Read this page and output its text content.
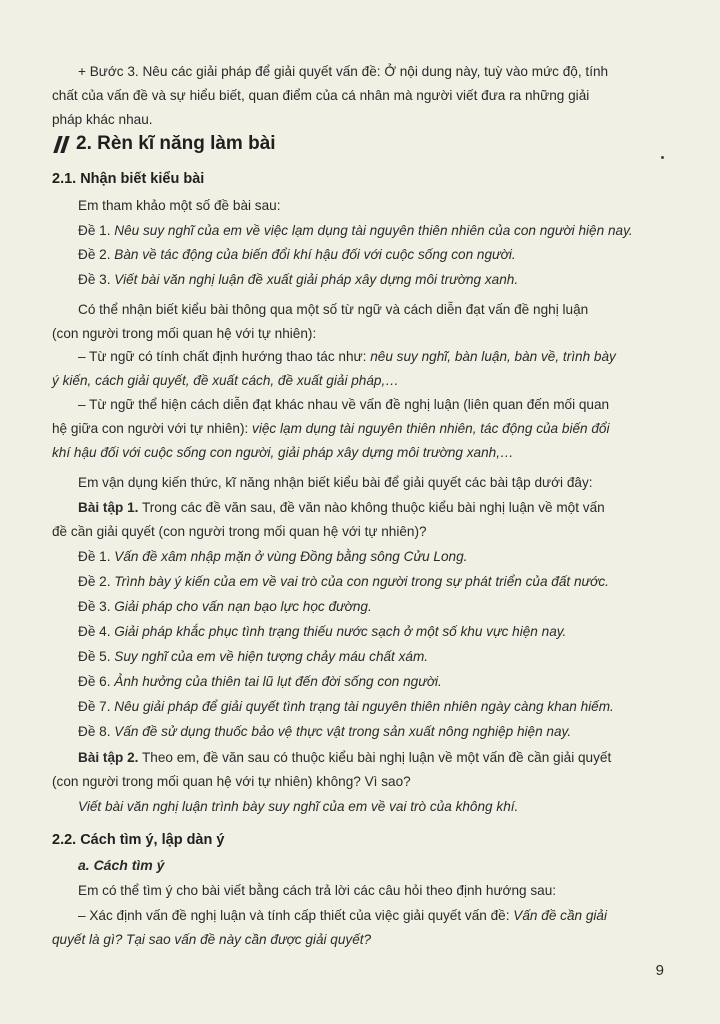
+ Bước 3. Nêu các giải pháp để giải quyết vấn đề: Ở nội dung này, tuỳ vào mức độ, tính

chất của vấn đề và sự hiểu biết, quan điểm của cá nhân mà người viết đưa ra những giải

pháp khác nhau.

2. Rèn kĩ năng làm bài
2.1. Nhận biết kiểu bài

Em tham khảo một số đề bài sau:

Đề 1. Nêu suy nghĩ của em về việc lạm dụng tài nguyên thiên nhiên của con người hiện nay.

Đề 2. Bàn về tác động của biến đổi khí hậu đối với cuộc sống con người.

Đề 3. Viết bài văn nghị luận đề xuất giải pháp xây dựng môi trường xanh.

Có thể nhận biết kiểu bài thông qua một số từ ngữ và cách diễn đạt vấn đề nghị luận

(con người trong mối quan hệ với tự nhiên):

– Từ ngữ có tính chất định hướng thao tác như: nêu suy nghĩ, bàn luận, bàn về, trình bày

ý kiến, cách giải quyết, đề xuất cách, đề xuất giải pháp,…

– Từ ngữ thể hiện cách diễn đạt khác nhau về vấn đề nghị luận (liên quan đến mối quan

hệ giữa con người với tự nhiên): việc lạm dụng tài nguyên thiên nhiên, tác động của biến đổi

khí hậu đối với cuộc sống con người, giải pháp xây dựng môi trường xanh,…

Em vận dụng kiến thức, kĩ năng nhận biết kiểu bài để giải quyết các bài tập dưới đây:

Bài tập 1. Trong các đề văn sau, đề văn nào không thuộc kiểu bài nghị luận về một vấn

đề cần giải quyết (con người trong mối quan hệ với tự nhiên)?

Đề 1. Vấn đề xâm nhập mặn ở vùng Đồng bằng sông Cửu Long.

Đề 2. Trình bày ý kiến của em về vai trò của con người trong sự phát triển của đất nước.

Đề 3. Giải pháp cho vấn nạn bạo lực học đường.

Đề 4. Giải pháp khắc phục tình trạng thiếu nước sạch ở một số khu vực hiện nay.

Đề 5. Suy nghĩ của em về hiện tượng chảy máu chất xám.

Đề 6. Ảnh hưởng của thiên tai lũ lụt đến đời sống con người.

Đề 7. Nêu giải pháp để giải quyết tình trạng tài nguyên thiên nhiên ngày càng khan hiếm.

Đề 8. Vấn đề sử dụng thuốc bảo vệ thực vật trong sản xuất nông nghiệp hiện nay.

Bài tập 2. Theo em, đề văn sau có thuộc kiểu bài nghị luận về một vấn đề cần giải quyết

(con người trong mối quan hệ với tự nhiên) không? Vì sao?

Viết bài văn nghị luận trình bày suy nghĩ của em về vai trò của không khí.

2.2. Cách tìm ý, lập dàn ý
a. Cách tìm ý

Em có thể tìm ý cho bài viết bằng cách trả lời các câu hỏi theo định hướng sau:

– Xác định vấn đề nghị luận và tính cấp thiết của việc giải quyết vấn đề: Vấn đề cần giải

quyết là gì? Tại sao vấn đề này cần được giải quyết?

9
